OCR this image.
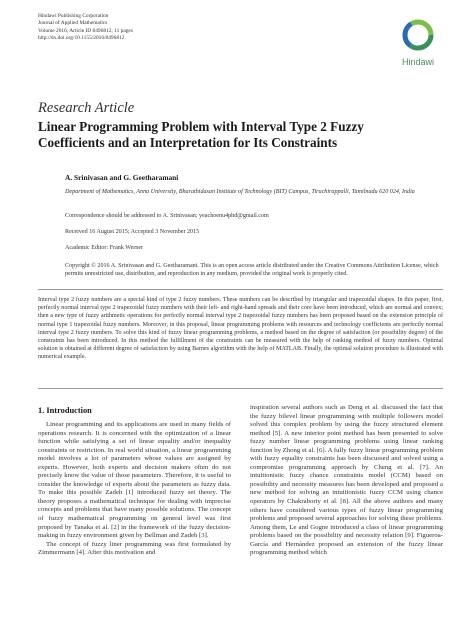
Hindawi Publishing Corporation
Journal of Applied Mathematics
Volume 2016, Article ID 8496812, 11 pages
http://dx.doi.org/10.1155/2016/8496812
Hindawi
Research Article
Linear Programming Problem with Interval Type 2 Fuzzy
Coefficients and an Interpretation for Its Constraints
A. Srinivasan and G. Geetharamani
Department of Mathematics, Anna University, Bharathidasan Institute of Technology (BIT) Campus, Tiruchirappalli, Tamilnadu 620 024, India
Correspondence should be addressed to A. Srinivasan; yeachoenu4phd@gmail.com
Received 16 August 2015; Accepted 3 November 2015
Academic Editor: Frank Werner
Copyright © 2016 A. Srinivasan and G. Geetharamani. This is an open access article distributed under the Creative Commons Attribution License, which permits unrestricted use, distribution, and reproduction in any medium, provided the original work is properly cited.
Interval type 2 fuzzy numbers are a special kind of type 2 fuzzy numbers. These numbers can be described by triangular and trapezoidal shapes. In this paper, first, perfectly normal interval type 2 trapezoidal fuzzy numbers with their left- and right-hand spreads and their core have been introduced, which are normal and convex; then a new type of fuzzy arithmetic operations for perfectly normal interval type 2 trapezoidal fuzzy numbers has been proposed based on the extension principle of normal type 1 trapezoidal fuzzy numbers. Moreover, in this proposal, linear programming problems with resources and technology coefficients are perfectly normal interval type 2 fuzzy numbers. To solve this kind of fuzzy linear programming problems, a method based on the degree of satisfaction (or possibility degree) of the constraints has been introduced. In this method the fulfillment of the constraints can be measured with the help of ranking method of fuzzy numbers. Optimal solution is obtained at different degree of satisfaction by using Barnes algorithm with the help of MATLAB. Finally, the optimal solution procedure is illustrated with numerical example.
1. Introduction

Linear programming and its applications are used in many fields of operations research. It is concerned with the optimization of a linear function while satisfying a set of linear equality and/or inequality constraints or restriction. In real world situation, a linear programming model involves a lot of parameters whose values are assigned by experts. However, both experts and decision makers often do not precisely know the value of those parameters. Therefore, it is useful to consider the knowledge of experts about the parameters as fuzzy data. To make this possible Zadeh [1] introduced fuzzy set theory. The theory proposes a mathematical technique for dealing with imprecise concepts and problems that have many possible solutions. The concept of fuzzy mathematical programming on general level was first proposed by Tanaka et al. [2] in the framework of the fuzzy decision-making in fuzzy environment given by Bellman and Zadeh [3].

The concept of fuzzy liner programming was first formulated by Zimmermann [4]. After this motivation and

inspiration several authors such as Deng et al. discussed the fact that the fuzzy bilevel linear programming with multiple followers model solved this complex problem by using the fuzzy structured element method [5]. A new interior point method has been presented to solve fuzzy number linear programming problems using linear ranking function by Zhong et al. [6]. A fully fuzzy linear programming problem with fuzzy equality constraints has been discussed and solved using a compromise programming approach by Cheng et al. [7]. An intuitionistic fuzzy chance constraints model (CCM) based on possibility and necessity measures has been developed and proposed a new method for solving an intuitionistic fuzzy CCM using chance operators by Chakraborty et al. [8]. All the above authors and many others have considered various types of fuzzy linear programming problems and proposed several approaches for solving these problems. Among them, Le and Gogne introduced a class of linear programming problems based on the possibility and necessity relation [9]. Figueroa-García and Hernández proposed an extension of the fuzzy linear programming method which
